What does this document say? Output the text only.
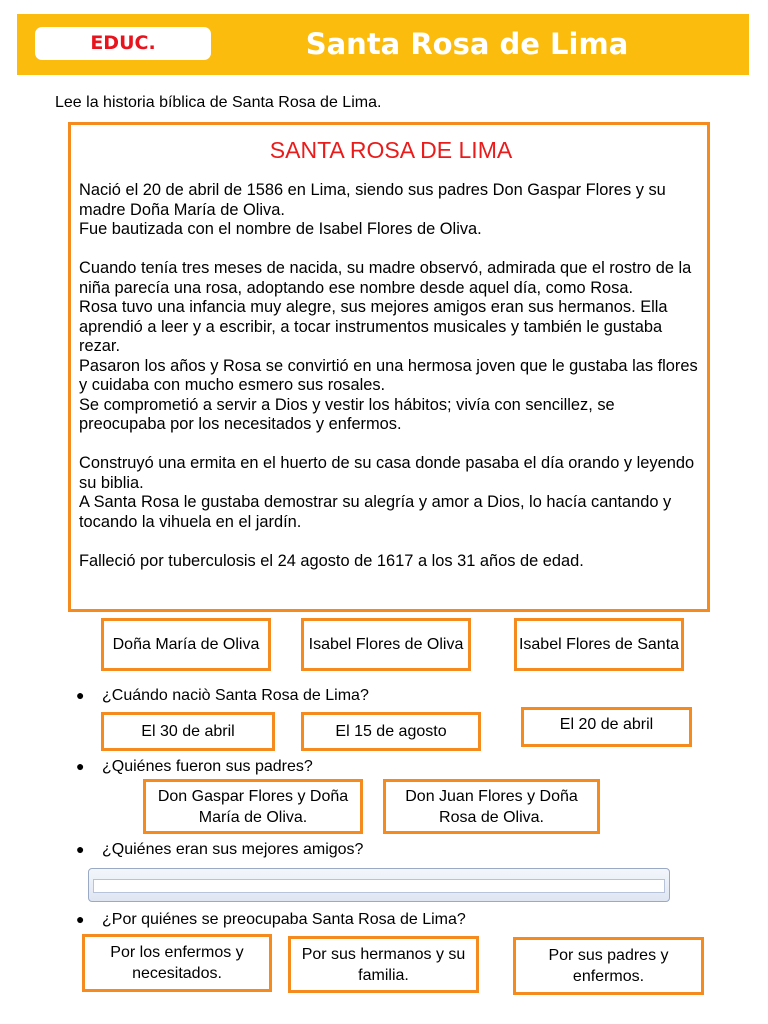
EDUC.	Santa Rosa de Lima
Lee la historia bíblica de Santa Rosa de Lima.
SANTA ROSA DE LIMA

Nació el 20 de abril de 1586 en Lima, siendo sus padres Don Gaspar Flores y su madre Doña María de Oliva.

Fue bautizada con el nombre de Isabel Flores de Oliva.

Cuando tenía tres meses de nacida, su madre observó, admirada que el rostro de la niña parecía una rosa, adoptando ese nombre desde aquel día, como Rosa.

Rosa tuvo una infancia muy alegre, sus mejores amigos eran sus hermanos. Ella aprendió a leer y a escribir, a tocar instrumentos musicales y también le gustaba rezar.

Pasaron los años y Rosa se convirtió en una hermosa joven que le gustaba las flores y cuidaba con mucho esmero sus rosales.

Se comprometió a servir a Dios y vestir los hábitos; vivía con sencillez, se preocupaba por los necesitados y enfermos.

Construyó una ermita en el huerto de su casa donde pasaba el día orando y leyendo su biblia.

A Santa Rosa le gustaba demostrar su alegría y amor a Dios, lo hacía cantando y tocando la vihuela en el jardín.

Falleció por tuberculosis el 24 agosto de 1617 a los 31 años de edad.

Doña María de Oliva	Isabel Flores de Oliva	Isabel Flores de Santa
● ¿Cuándo naciò Santa Rosa de Lima?
El 30 de abril	El 15 de agosto	El 20 de abril
● ¿Quiénes fueron sus padres?
Don Gaspar Flores y Doña María de Oliva.
Don Juan Flores y Doña Rosa de Oliva.
● ¿Quiénes eran sus mejores amigos?
● ¿Por quiénes se preocupaba Santa Rosa de Lima?
Por los enfermos y necesitados.
Por sus hermanos y su familia.
Por sus padres y enfermos.
